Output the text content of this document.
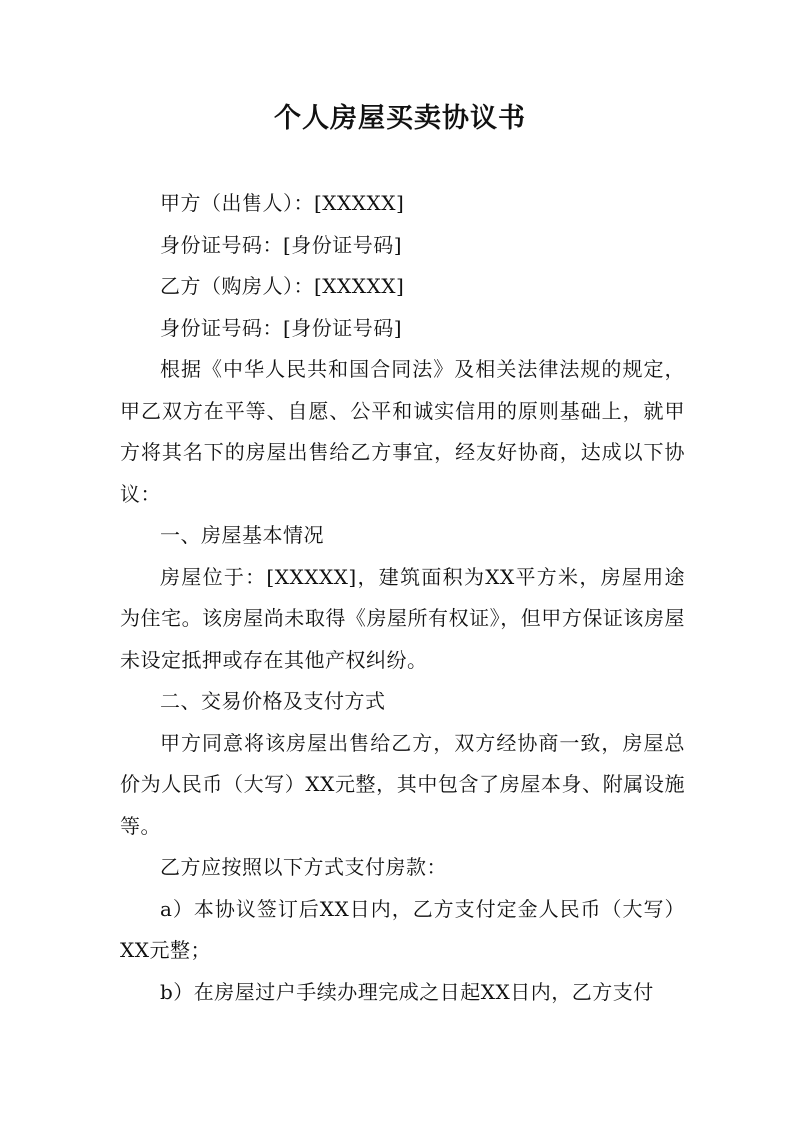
个人房屋买卖协议书

甲方（出售人）：[XXXXX]

身份证号码：[身份证号码]

乙方（购房人）：[XXXXX]

身份证号码：[身份证号码]

根据《中华人民共和国合同法》及相关法律法规的规定，甲乙双方在平等、自愿、公平和诚实信用的原则基础上，就甲方将其名下的房屋出售给乙方事宜，经友好协商，达成以下协议：

一、房屋基本情况

房屋位于：[XXXXX]，建筑面积为XX平方米，房屋用途为住宅。该房屋尚未取得《房屋所有权证》，但甲方保证该房屋未设定抵押或存在其他产权纠纷。

二、交易价格及支付方式

甲方同意将该房屋出售给乙方，双方经协商一致，房屋总价为人民币（大写）XX元整，其中包含了房屋本身、附属设施等。

乙方应按照以下方式支付房款：

a）本协议签订后XX日内，乙方支付定金人民币（大写）XX元整；

b）在房屋过户手续办理完成之日起XX日内，乙方支付
